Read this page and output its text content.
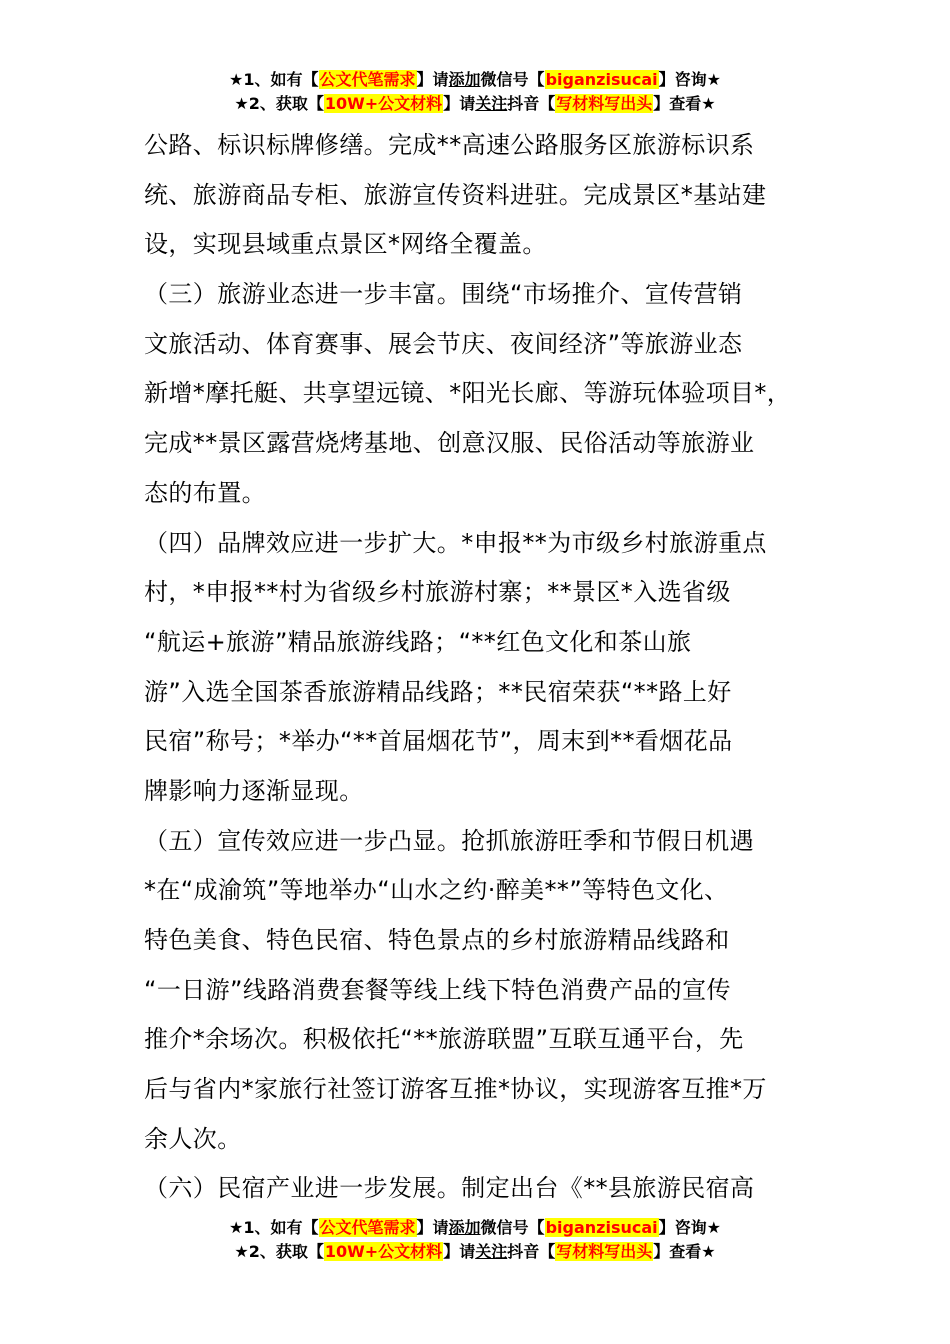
★1、如有【公文代笔需求】请添加微信号【biganzisucai】咨询★
★2、获取【10W+公文材料】请关注抖音【写材料写出头】查看★
公路、标识标牌修缮。完成**高速公路服务区旅游标识系
统、旅游商品专柜、旅游宣传资料进驻。完成景区*基站建
设，实现县域重点景区*网络全覆盖。
（三）旅游业态进一步丰富。围绕“市场推介、宣传营销
文旅活动、体育赛事、展会节庆、夜间经济”等旅游业态
新增*摩托艇、共享望远镜、*阳光长廊、等游玩体验项目*，
完成**景区露营烧烤基地、创意汉服、民俗活动等旅游业
态的布置。
（四）品牌效应进一步扩大。*申报**为市级乡村旅游重点
村，*申报**村为省级乡村旅游村寨；**景区*入选省级
“航运+旅游”精品旅游线路；“**红色文化和茶山旅
游”入选全国茶香旅游精品线路；**民宿荣获“**路上好
民宿”称号；*举办“**首届烟花节”，周末到**看烟花品
牌影响力逐渐显现。
（五）宣传效应进一步凸显。抢抓旅游旺季和节假日机遇
*在“成渝筑”等地举办“山水之约·醉美**”等特色文化、
特色美食、特色民宿、特色景点的乡村旅游精品线路和
“一日游”线路消费套餐等线上线下特色消费产品的宣传
推介*余场次。积极依托“**旅游联盟”互联互通平台，先
后与省内*家旅行社签订游客互推*协议，实现游客互推*万
余人次。
（六）民宿产业进一步发展。制定出台《**县旅游民宿高
★1、如有【公文代笔需求】请添加微信号【biganzisucai】咨询★
★2、获取【10W+公文材料】请关注抖音【写材料写出头】查看★
